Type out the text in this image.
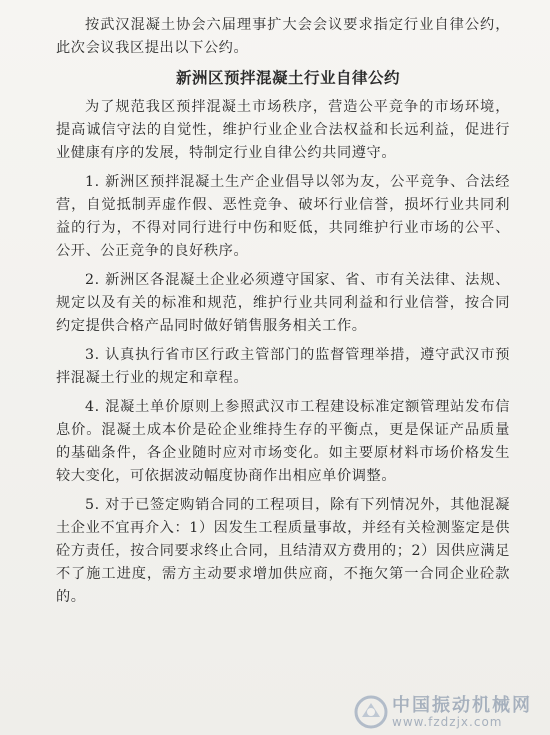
按武汉混凝土协会六届理事扩大会会议要求指定行业自律公约，此次会议我区提出以下公约。

新洲区预拌混凝土行业自律公约

为了规范我区预拌混凝土市场秩序，营造公平竞争的市场环境，提高诚信守法的自觉性，维护行业企业合法权益和长远利益，促进行业健康有序的发展，特制定行业自律公约共同遵守。

1. 新洲区预拌混凝土生产企业倡导以邻为友，公平竞争、合法经营，自觉抵制弄虚作假、恶性竞争、破坏行业信誉，损坏行业共同利益的行为，不得对同行进行中伤和贬低，共同维护行业市场的公平、公开、公正竞争的良好秩序。

2. 新洲区各混凝土企业必须遵守国家、省、市有关法律、法规、规定以及有关的标准和规范，维护行业共同利益和行业信誉，按合同约定提供合格产品同时做好销售服务相关工作。

3. 认真执行省市区行政主管部门的监督管理举措，遵守武汉市预拌混凝土行业的规定和章程。

4. 混凝土单价原则上参照武汉市工程建设标准定额管理站发布信息价。混凝土成本价是砼企业维持生存的平衡点，更是保证产品质量的基础条件，各企业随时应对市场变化。如主要原材料市场价格发生较大变化，可依据波动幅度协商作出相应单价调整。

5. 对于已签定购销合同的工程项目，除有下列情况外，其他混凝土企业不宜再介入：1）因发生工程质量事故，并经有关检测鉴定是供砼方责任，按合同要求终止合同，且结清双方费用的；2）因供应满足不了施工进度，需方主动要求增加供应商，不拖欠第一合同企业砼款的。

中国振动机械网
www.fzdzjx.com
